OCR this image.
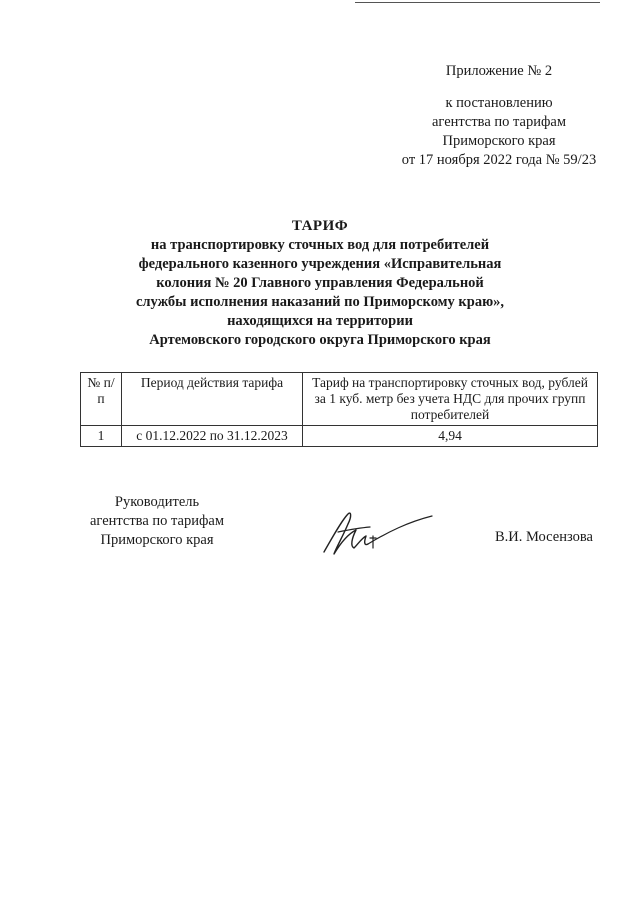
Приложение № 2
к постановлению
агентства по тарифам
Приморского края
от 17 ноября 2022 года № 59/23
ТАРИФ
на транспортировку сточных вод для потребителей
федерального казенного учреждения «Исправительная
колония № 20 Главного управления Федеральной
службы исполнения наказаний по Приморскому краю»,
находящихся на территории
Артемовского городского округа Приморского края
№ п/п	Период действия тарифа	Тариф на транспортировку сточных вод, рублей за 1 куб. метр без учета НДС для прочих групп потребителей
1	с 01.12.2022 по 31.12.2023	4,94
Руководитель
агентства по тарифам
Приморского края	В.И. Мосензова
